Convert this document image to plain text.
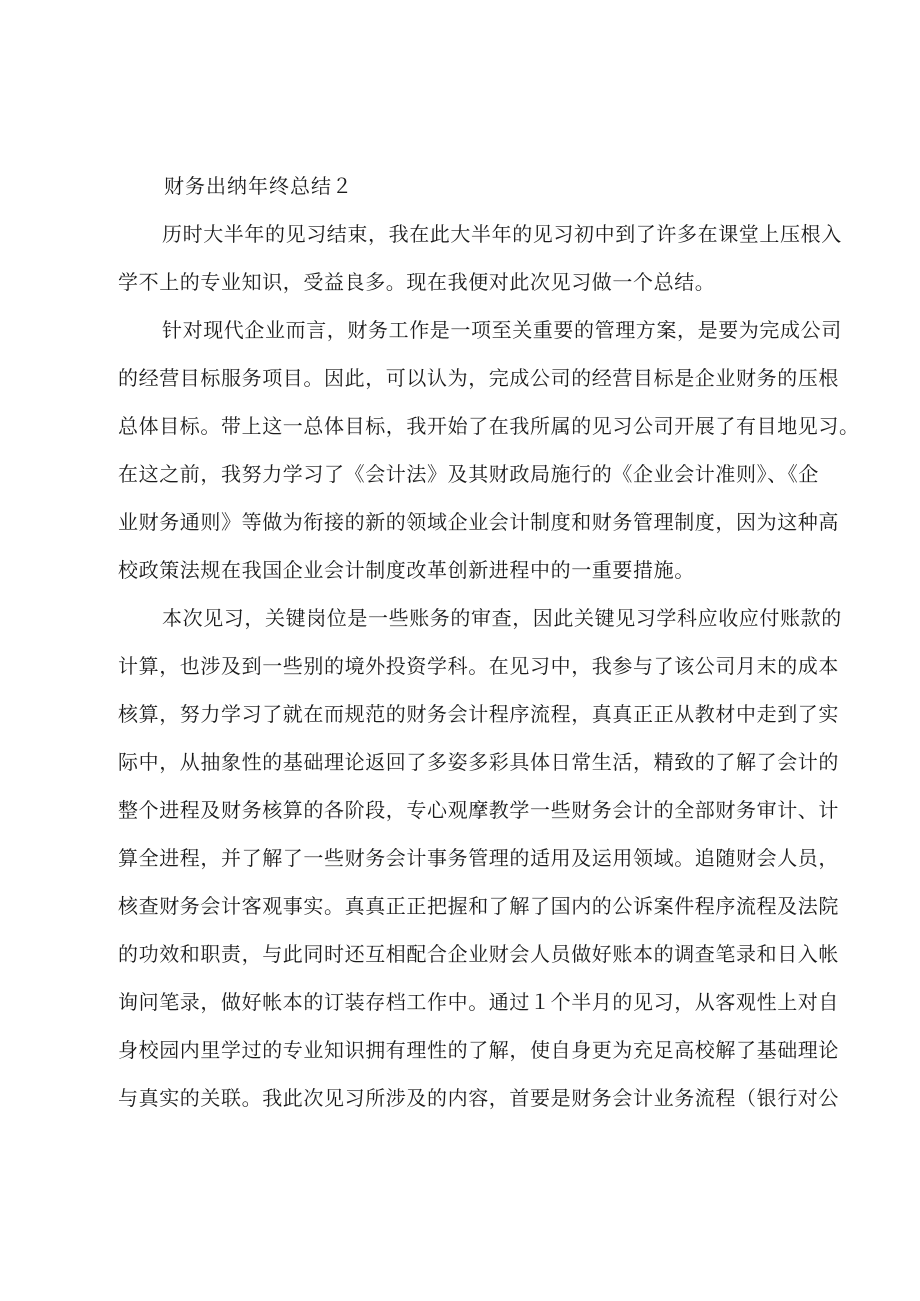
财务出纳年终总结２
历时大半年的见习结束，我在此大半年的见习初中到了许多在课堂上压根入
学不上的专业知识，受益良多。现在我便对此次见习做一个总结。
针对现代企业而言，财务工作是一项至关重要的管理方案，是要为完成公司
的经营目标服务项目。因此，可以认为，完成公司的经营目标是企业财务的压根
总体目标。带上这一总体目标，我开始了在我所属的见习公司开展了有目地见习。
在这之前，我努力学习了《会计法》及其财政局施行的《企业会计准则》、《企
业财务通则》等做为衔接的新的领域企业会计制度和财务管理制度，因为这种高
校政策法规在我国企业会计制度改革创新进程中的一重要措施。
本次见习，关键岗位是一些账务的审查，因此关键见习学科应收应付账款的
计算，也涉及到一些别的境外投资学科。在见习中，我参与了该公司月末的成本
核算，努力学习了就在而规范的财务会计程序流程，真真正正从教材中走到了实
际中，从抽象性的基础理论返回了多姿多彩具体日常生活，精致的了解了会计的
整个进程及财务核算的各阶段，专心观摩教学一些财务会计的全部财务审计、计
算全进程，并了解了一些财务会计事务管理的适用及运用领域。追随财会人员，
核查财务会计客观事实。真真正正把握和了解了国内的公诉案件程序流程及法院
的功效和职责，与此同时还互相配合企业财会人员做好账本的调查笔录和日入帐
询问笔录，做好帐本的订装存档工作中。通过１个半月的见习，从客观性上对自
身校园内里学过的专业知识拥有理性的了解，使自身更为充足高校解了基础理论
与真实的关联。我此次见习所涉及的内容，首要是财务会计业务流程（银行对公
